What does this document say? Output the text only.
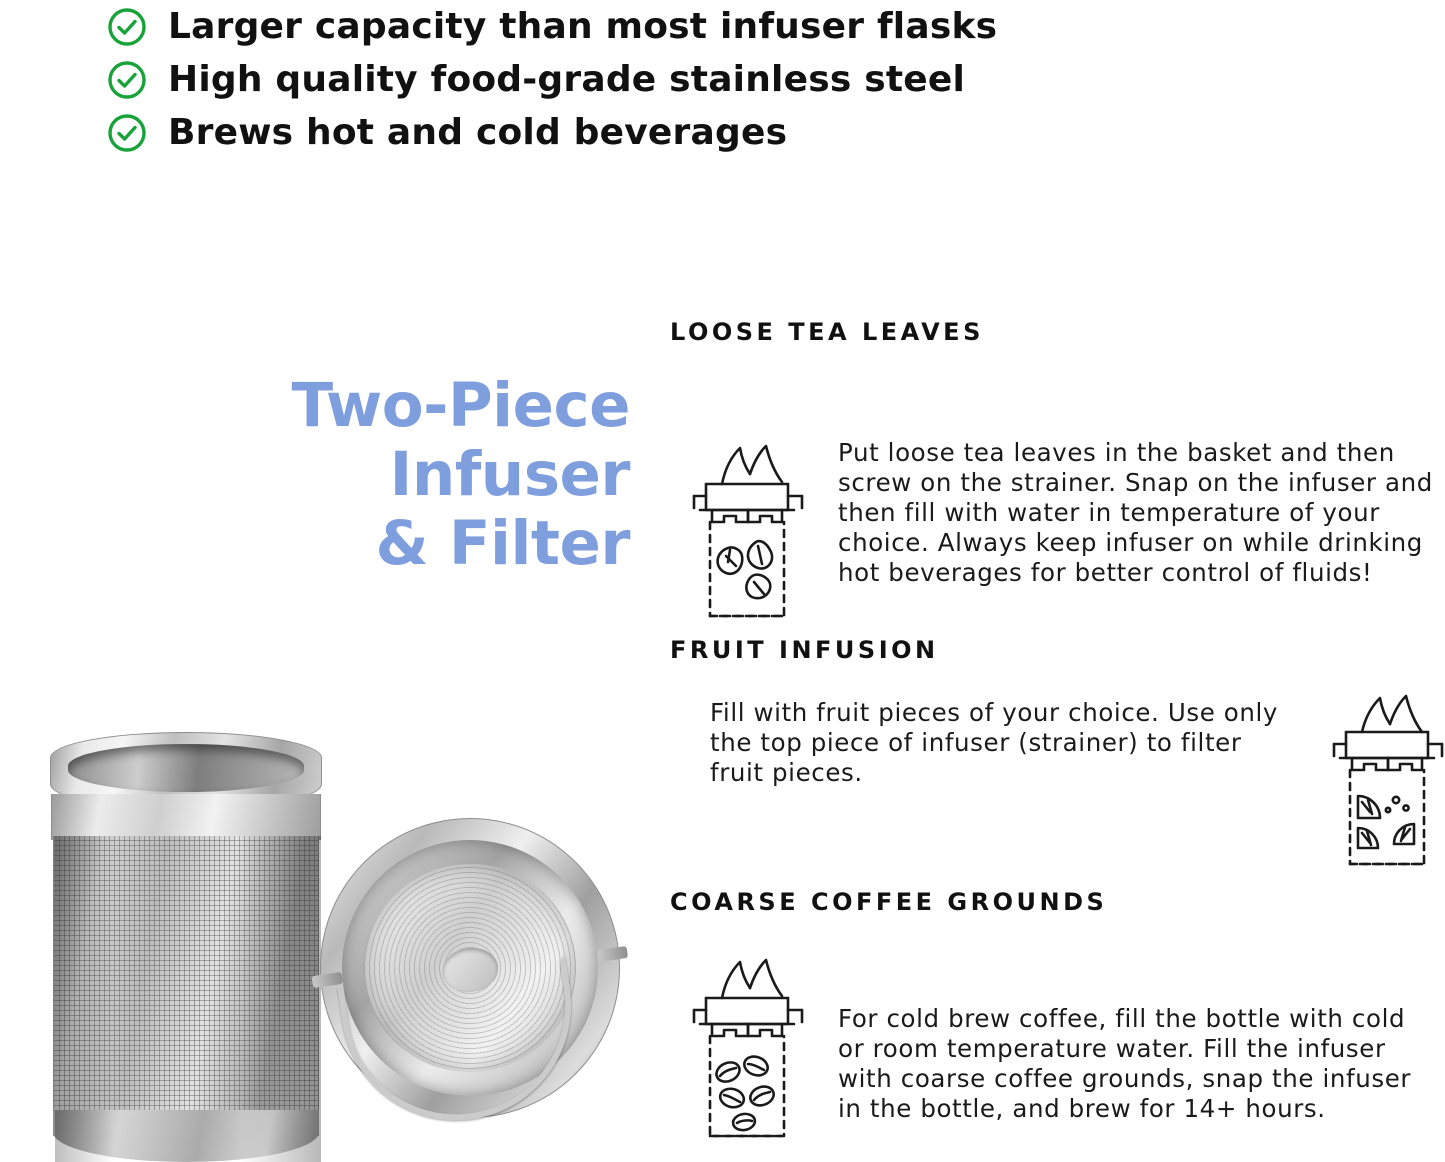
Larger capacity than most infuser flasks
High quality food-grade stainless steel
Brews hot and cold beverages
Two-Piece
Infuser
& Filter
LOOSE TEA LEAVES
Put loose tea leaves in the basket and then screw on the strainer. Snap on the infuser and then fill with water in temperature of your choice. Always keep infuser on while drinking hot beverages for better control of fluids!
FRUIT INFUSION
Fill with fruit pieces of your choice. Use only the top piece of infuser (strainer) to filter fruit pieces.
COARSE COFFEE GROUNDS
For cold brew coffee, fill the bottle with cold or room temperature water. Fill the infuser with coarse coffee grounds, snap the infuser in the bottle, and brew for 14+ hours.
